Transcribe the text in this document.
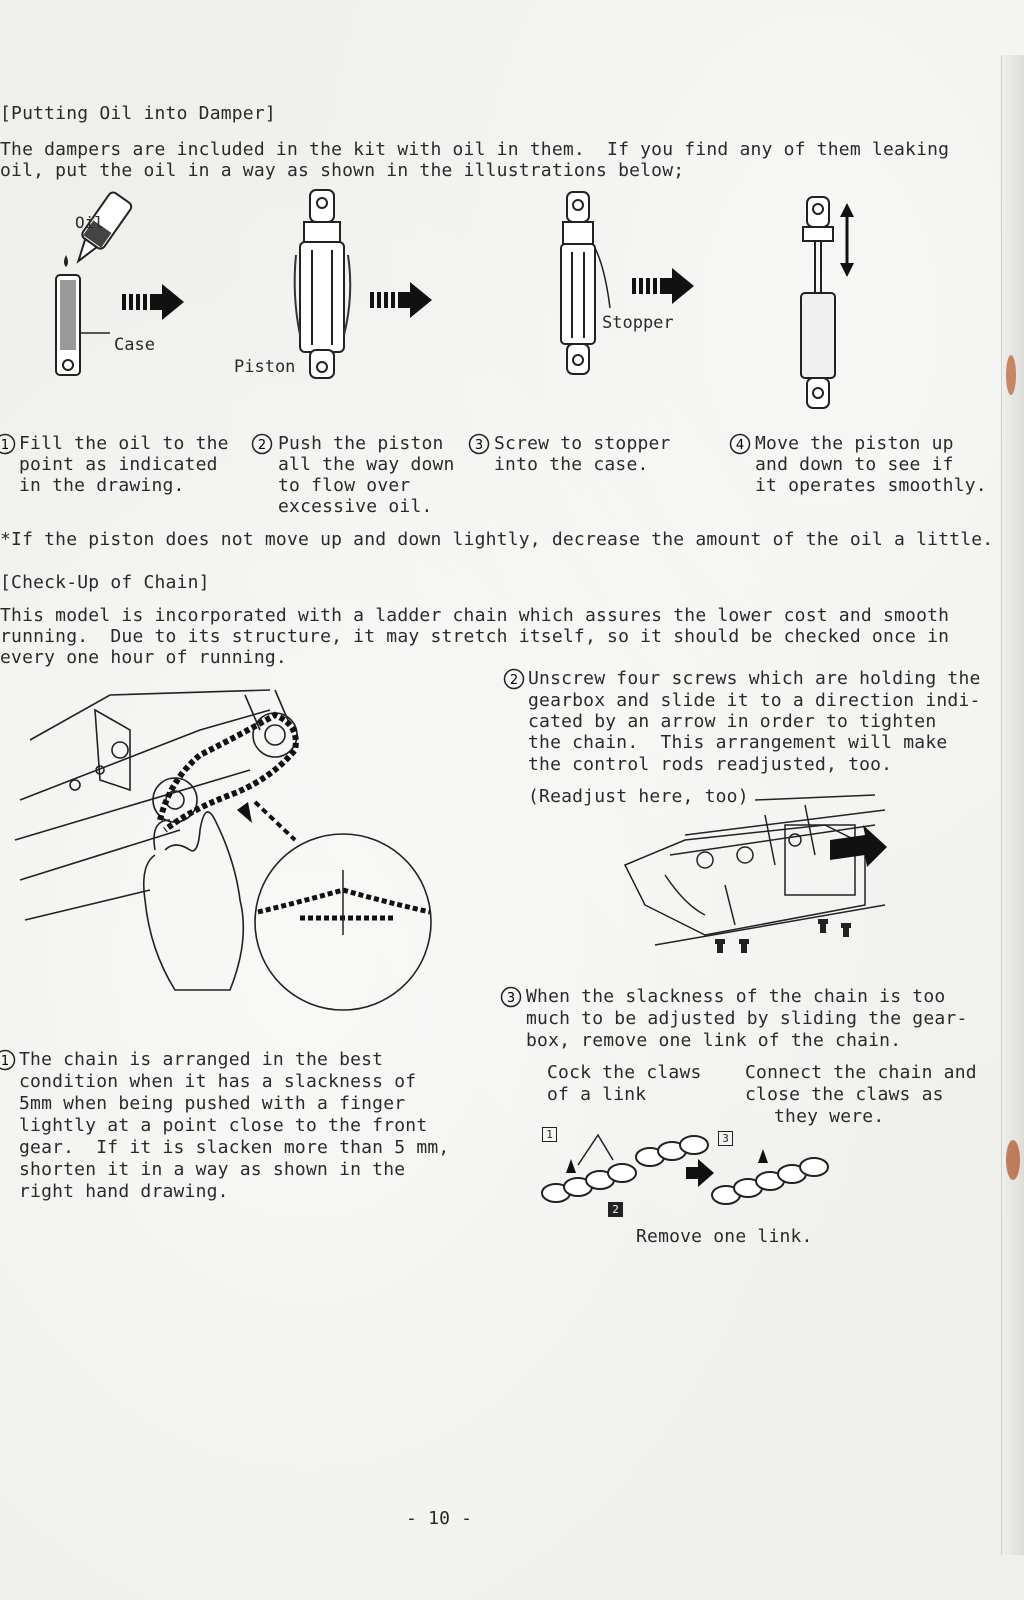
[Putting Oil into Damper]
The dampers are included in the kit with oil in them.  If you find any of them leaking
oil, put the oil in a way as shown in the illustrations below;
Oil
Case
Piston
Stopper
1 Fill the oil to the
point as indicated
in the drawing.
2 Push the piston
all the way down
to flow over
excessive oil.
3 Screw to stopper
into the case.
4 Move the piston up
and down to see if
it operates smoothly.
*If the piston does not move up and down lightly, decrease the amount of the oil a little.
[Check-Up of Chain]
This model is incorporated with a ladder chain which assures the lower cost and smooth
running.  Due to its structure, it may stretch itself, so it should be checked once in
every one hour of running.
2 Unscrew four screws which are holding the
gearbox and slide it to a direction indi-
cated by an arrow in order to tighten
the chain.  This arrangement will make
the control rods readjusted, too.
(Readjust here, too)
3 When the slackness of the chain is too
much to be adjusted by sliding the gear-
box, remove one link of the chain.
Cock the claws
of a link
Connect the chain and
close the claws as
they were.
1
2
3
Remove one link.
1 The chain is arranged in the best
condition when it has a slackness of
5mm when being pushed with a finger
lightly at a point close to the front
gear.  If it is slacken more than 5 mm,
shorten it in a way as shown in the
right hand drawing.
- 10 -
